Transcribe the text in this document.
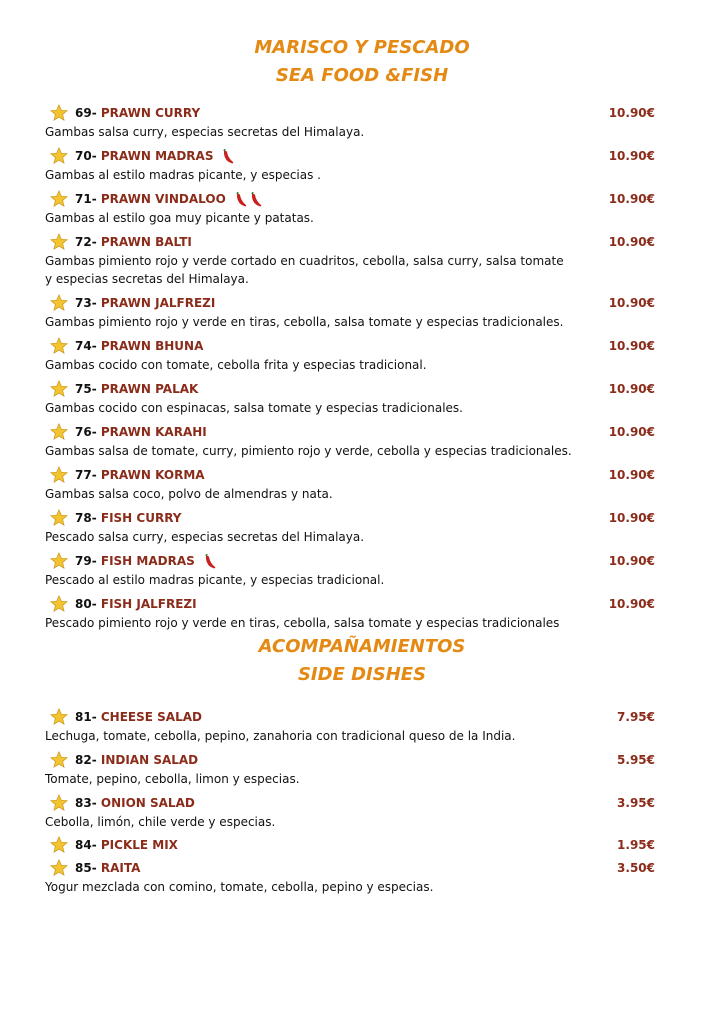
MARISCO Y PESCADO
SEA FOOD &FISH
69- PRAWN CURRY	10.90€
Gambas salsa curry, especias secretas del Himalaya.
70- PRAWN MADRAS	10.90€
Gambas al estilo madras picante, y especias .
71- PRAWN VINDALOO	10.90€
Gambas al estilo goa muy picante y patatas.
72- PRAWN BALTI	10.90€
Gambas pimiento rojo y verde cortado en cuadritos, cebolla, salsa curry, salsa tomate
y especias secretas del Himalaya.
73- PRAWN JALFREZI	10.90€
Gambas pimiento rojo y verde en tiras, cebolla, salsa tomate y especias tradicionales.
74- PRAWN BHUNA	10.90€
Gambas cocido con tomate, cebolla frita y especias tradicional.
75- PRAWN PALAK	10.90€
Gambas cocido con espinacas, salsa tomate y especias tradicionales.
76- PRAWN KARAHI	10.90€
Gambas salsa de tomate, curry, pimiento rojo y verde, cebolla y especias tradicionales.
77- PRAWN KORMA	10.90€
Gambas salsa coco, polvo de almendras y nata.
78- FISH CURRY	10.90€
Pescado salsa curry, especias secretas del Himalaya.
79- FISH MADRAS	10.90€
Pescado al estilo madras picante, y especias tradicional.
80- FISH JALFREZI	10.90€
Pescado pimiento rojo y verde en tiras, cebolla, salsa tomate y especias tradicionales
ACOMPAÑAMIENTOS
SIDE DISHES
81- CHEESE SALAD	7.95€
Lechuga, tomate, cebolla, pepino, zanahoria con tradicional queso de la India.
82- INDIAN SALAD	5.95€
Tomate, pepino, cebolla, limon y especias.
83- ONION SALAD	3.95€
Cebolla, limón, chile verde y especias.
84- PICKLE MIX	1.95€
85- RAITA	3.50€
Yogur mezclada con comino, tomate, cebolla, pepino y especias.
